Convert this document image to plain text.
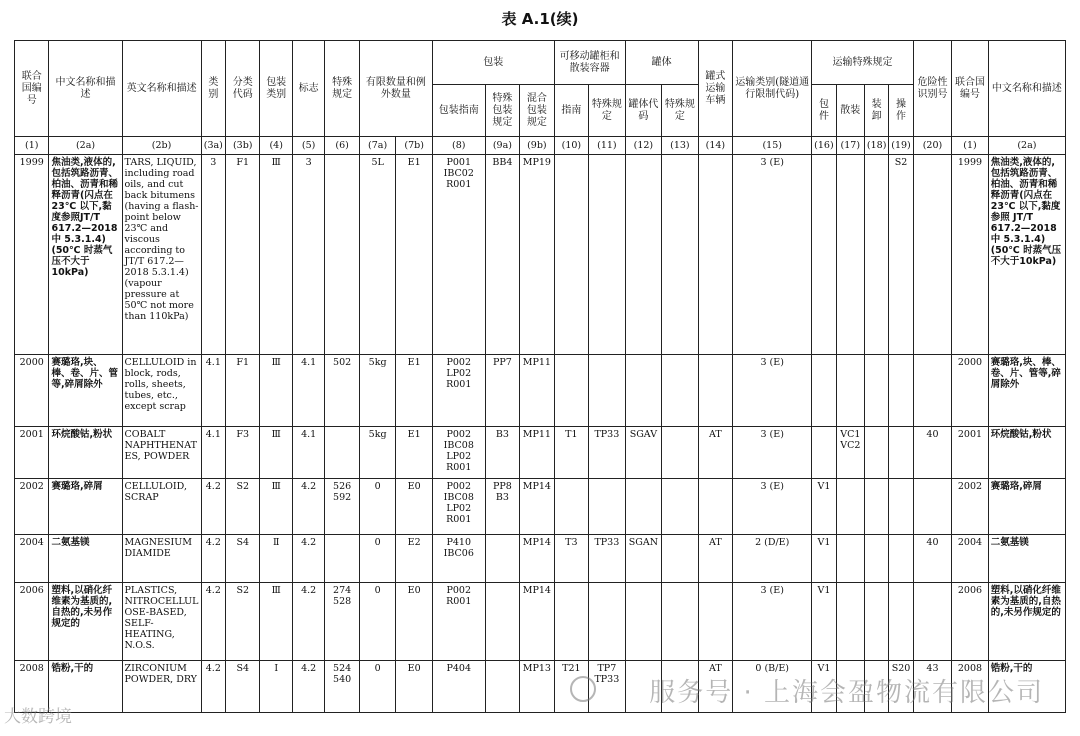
表 A.1(续)
联合国编号	中文名称和描述	英文名称和描述	类别	分类代码	包装类别	标志	特殊规定	有限数量和例外数量		包装			可移动罐柜和散装容器		罐体		罐式运输车辆	运输类别(隧道通行限制代码)	运输特殊规定				危险性识别号	联合国编号	中文名称和描述
										包装指南	特殊包装规定	混合包装规定	指南	特殊规定	罐体代码	特殊规定			包件	散装	装卸	操作			
(1)	(2a)	(2b)	(3a)	(3b)	(4)	(5)	(6)	(7a)	(7b)	(8)	(9a)	(9b)	(10)	(11)	(12)	(13)	(14)	(15)	(16)	(17)	(18)	(19)	(20)	(1)	(2a)
1999	焦油类,液体的,包括筑路沥青、柏油、沥青和稀释沥青(闪点在 23℃ 以下,黏度参照JT/T 617.2—2018 中 5.3.1.4)(50℃ 时蒸气压不大于10kPa)	TARS, LIQUID, including road oils, and cut back bitumens (having a flash-point below 23℃ and viscous according to JT/T 617.2—2018 5.3.1.4) (vapour pressure at 50℃ not more than 110kPa)	3	F1	Ⅲ	3		5L	E1	P001 IBC02 R001	BB4	MP19						3 (E)				S2		1999	焦油类,液体的,包括筑路沥青、柏油、沥青和稀释沥青(闪点在 23℃ 以下,黏度参照 JT/T 617.2—2018 中 5.3.1.4)(50℃ 时蒸气压不大于10kPa)
2000	赛璐珞,块、棒、卷、片、管等,碎屑除外	CELLULOID in block, rods, rolls, sheets, tubes, etc., except scrap	4.1	F1	Ⅲ	4.1	502	5kg	E1	P002 LP02 R001	PP7	MP11						3 (E)						2000	赛璐珞,块、棒、卷、片、管等,碎屑除外
2001	环烷酸钴,粉状	COBALT NAPHTHENATES, POWDER	4.1	F3	Ⅲ	4.1		5kg	E1	P002 IBC08 LP02 R001	B3	MP11	T1	TP33	SGAV		AT	3 (E)		VC1 VC2			40	2001	环烷酸钴,粉状
2002	赛璐珞,碎屑	CELLULOID, SCRAP	4.2	S2	Ⅲ	4.2	526 592	0	E0	P002 IBC08 LP02 R001	PP8 B3	MP14						3 (E)	V1					2002	赛璐珞,碎屑
2004	二氨基镁	MAGNESIUM DIAMIDE	4.2	S4	Ⅱ	4.2		0	E2	P410 IBC06		MP14	T3	TP33	SGAN		AT	2 (D/E)	V1				40	2004	二氨基镁
2006	塑料,以硝化纤维素为基质的,自热的,未另作规定的	PLASTICS, NITROCELLULOSE-BASED, SELF-HEATING, N.O.S.	4.2	S2	Ⅲ	4.2	274 528	0	E0	P002 R001		MP14						3 (E)	V1					2006	塑料,以硝化纤维素为基质的,自热的,未另作规定的
2008	锆粉,干的	ZIRCONIUM POWDER, DRY	4.2	S4	Ⅰ	4.2	524 540	0	E0	P404		MP13	T21	TP7 TP33			AT	0 (B/E)	V1			S20	43	2008	锆粉,干的
服务号 · 上海会盈物流有限公司
大数跨境
